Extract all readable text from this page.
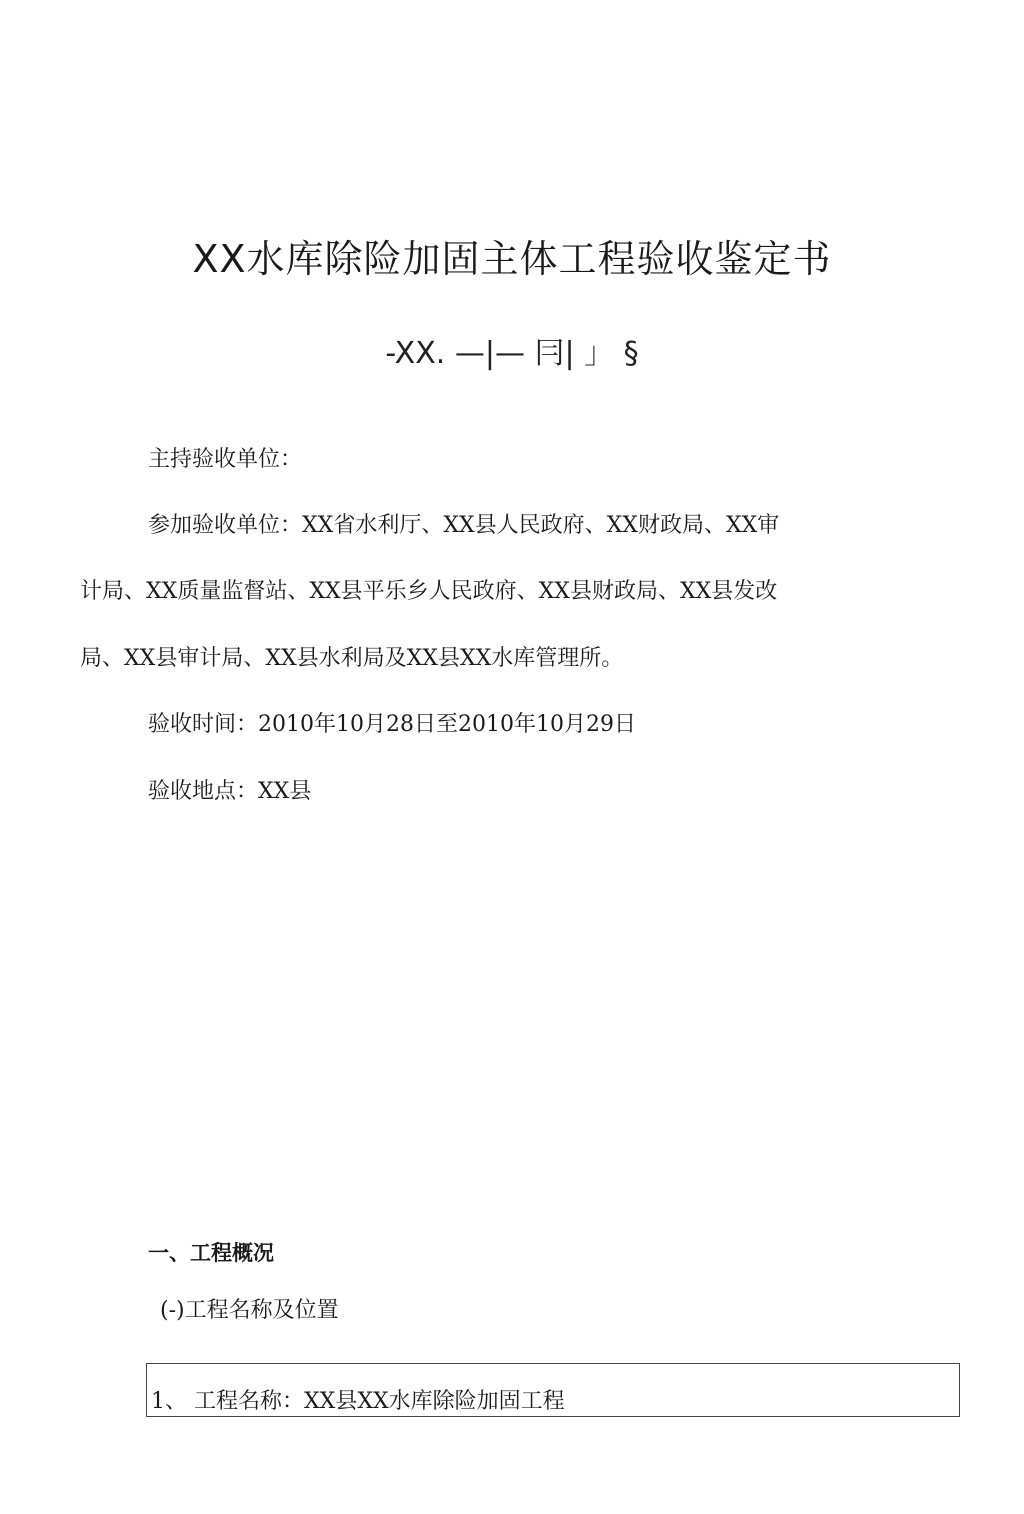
XX水库除险加固主体工程验收鉴定书
-XX. —|— 冃| 」 §
主持验收单位：
参加验收单位：XX省水利厅、XX县人民政府、XX财政局、XX审
计局、XX质量监督站、XX县平乐乡人民政府、XX县财政局、XX县发改
局、XX县审计局、XX县水利局及XX县XX水库管理所。
验收时间：2010年10月28日至2010年10月29日
验收地点：XX县
一、工程概况
(-)工程名称及位置
1、 工程名称：XX县XX水库除险加固工程
